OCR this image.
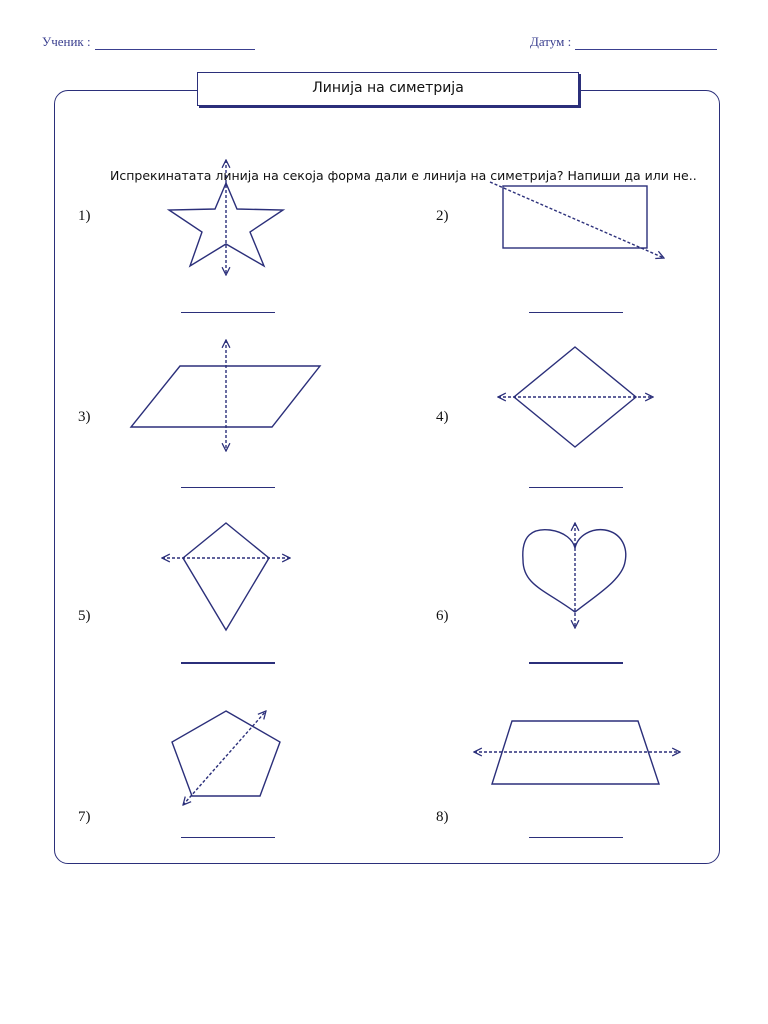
Ученик :	Датум :
Линија на симетрија
Испрекинатата линија на секоја форма дали е линија на симетрија? Напиши да или не..
1)	2)
3)	4)
5)	6)
7)	8)
